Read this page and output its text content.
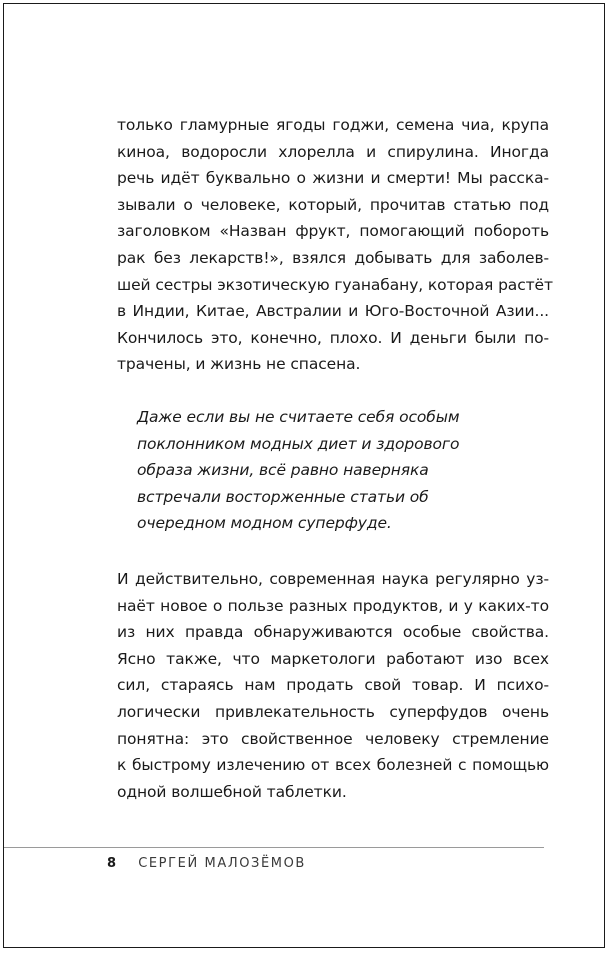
только гламурные ягоды годжи, семена чиа, крупа
киноа, водоросли хлорелла и спирулина. Иногда
речь идёт буквально о жизни и смерти! Мы расска-
зывали о человеке, который, прочитав статью под
заголовком «Назван фрукт, помогающий побороть
рак без лекарств!», взялся добывать для заболев-
шей сестры экзотическую гуанабану, которая растёт
в Индии, Китае, Австралии и Юго-Восточной Азии...
Кончилось это, конечно, плохо. И деньги были по-
трачены, и жизнь не спасена.
Даже если вы не считаете себя особым
поклонником модных диет и здорового
образа жизни, всё равно наверняка
встречали восторженные статьи об
очередном модном суперфуде.
И действительно, современная наука регулярно уз-
наёт новое о пользе разных продуктов, и у каких-то
из них правда обнаруживаются особые свойства.
Ясно также, что маркетологи работают изо всех
сил, стараясь нам продать свой товар. И психо-
логически привлекательность суперфудов очень
понятна: это свойственное человеку стремление
к быстрому излечению от всех болезней с помощью
одной волшебной таблетки.
8 СЕРГЕЙ МАЛОЗЁМОВ
